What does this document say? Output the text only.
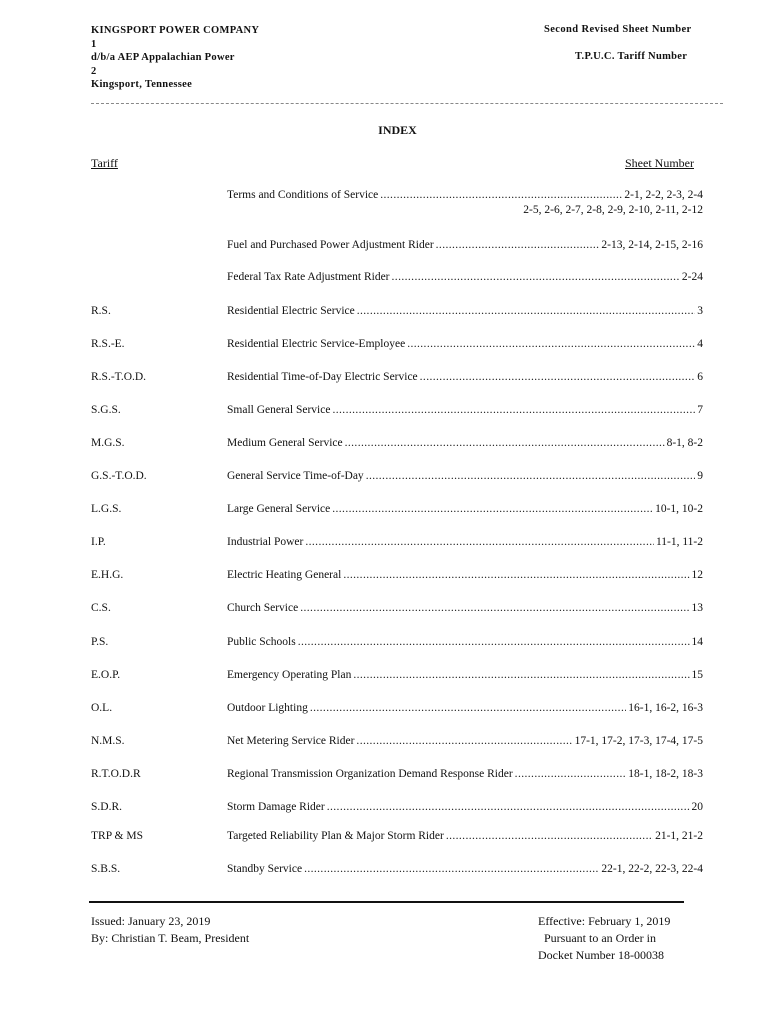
KINGSPORT POWER COMPANY
1
d/b/a AEP Appalachian Power
2
Kingsport, Tennessee
Second Revised Sheet Number
T.P.U.C. Tariff Number
INDEX
Tariff	Sheet Number
Terms and Conditions of Service .....	2-1, 2-2, 2-3, 2-4
2-5, 2-6, 2-7, 2-8, 2-9, 2-10, 2-11, 2-12
Fuel and Purchased Power Adjustment Rider .....	2-13, 2-14, 2-15, 2-16
Federal Tax Rate Adjustment Rider .....	2-24
R.S.	Residential Electric Service .....	3
R.S.-E.	Residential Electric Service-Employee .....	4
R.S.-T.O.D.	Residential Time-of-Day Electric Service .....	6
S.G.S.	Small General Service .....	7
M.G.S.	Medium General Service .....	8-1, 8-2
G.S.-T.O.D.	General Service Time-of-Day .....	9
L.G.S.	Large General Service .....	10-1, 10-2
I.P.	Industrial Power .....	11-1, 11-2
E.H.G.	Electric Heating General .....	12
C.S.	Church Service .....	13
P.S.	Public Schools .....	14
E.O.P.	Emergency Operating Plan .....	15
O.L.	Outdoor Lighting .....	16-1, 16-2, 16-3
N.M.S.	Net Metering Service Rider .....	17-1, 17-2, 17-3, 17-4, 17-5
R.T.O.D.R	Regional Transmission Organization Demand Response Rider .....	18-1, 18-2, 18-3
S.D.R.	Storm Damage Rider .....	20
TRP & MS	Targeted Reliability Plan & Major Storm Rider .....	21-1, 21-2
S.B.S.	Standby Service .....	22-1, 22-2, 22-3, 22-4
Issued: January 23, 2019
By: Christian T. Beam, President
Effective: February 1, 2019
Pursuant to an Order in
Docket Number 18-00038
